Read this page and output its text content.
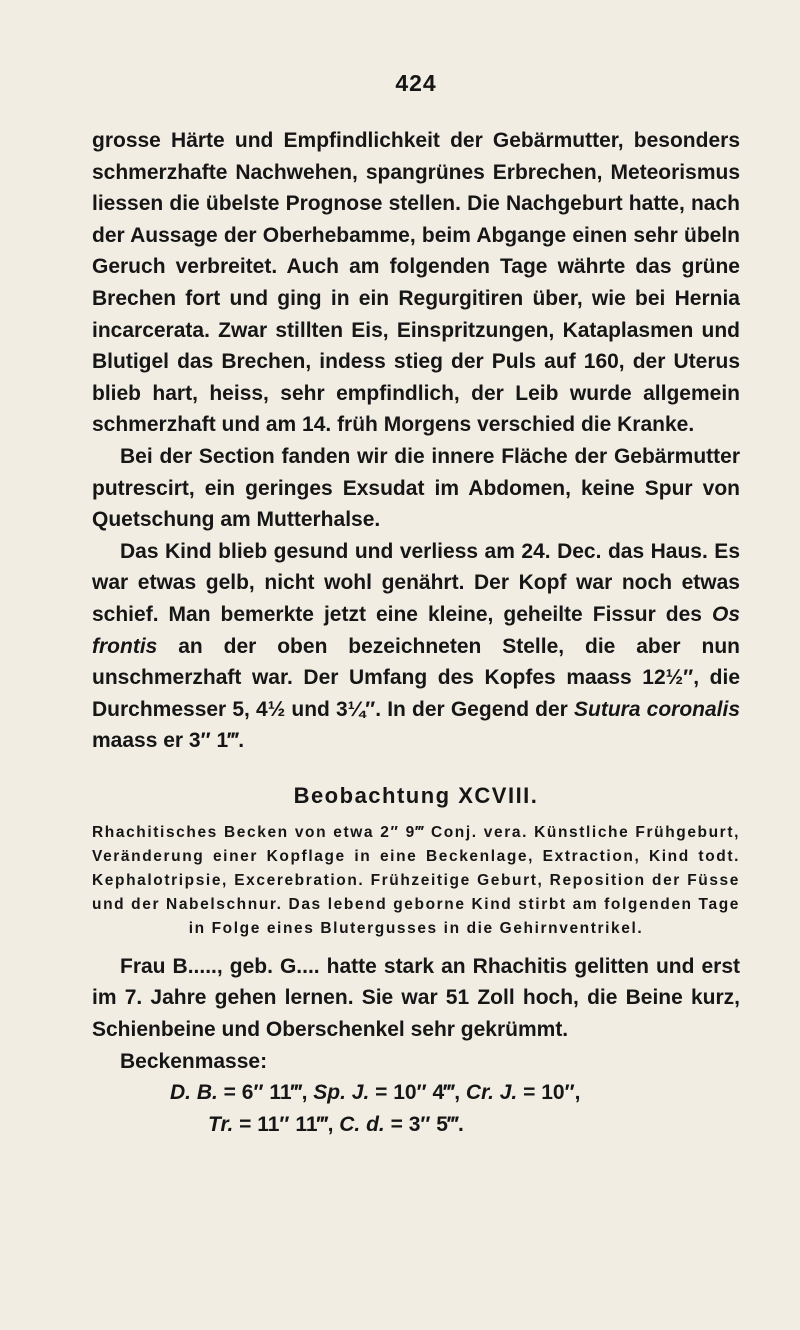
424

grosse Härte und Empfindlichkeit der Gebärmutter, besonders schmerzhafte Nachwehen, spangrünes Erbrechen, Meteorismus liessen die übelste Prognose stellen. Die Nachgeburt hatte, nach der Aussage der Oberhebamme, beim Abgange einen sehr übeln Geruch verbreitet. Auch am folgenden Tage währte das grüne Brechen fort und ging in ein Regurgitiren über, wie bei Hernia incarcerata. Zwar stillten Eis, Einspritzungen, Kataplasmen und Blutigel das Brechen, indess stieg der Puls auf 160, der Uterus blieb hart, heiss, sehr empfindlich, der Leib wurde allgemein schmerzhaft und am 14. früh Morgens verschied die Kranke.

Bei der Section fanden wir die innere Fläche der Gebärmutter putrescirt, ein geringes Exsudat im Abdomen, keine Spur von Quetschung am Mutterhalse.

Das Kind blieb gesund und verliess am 24. Dec. das Haus. Es war etwas gelb, nicht wohl genährt. Der Kopf war noch etwas schief. Man bemerkte jetzt eine kleine, geheilte Fissur des Os frontis an der oben bezeichneten Stelle, die aber nun unschmerzhaft war. Der Umfang des Kopfes maass 12½″, die Durchmesser 5, 4½ und 3¼″. In der Gegend der Sutura coronalis maass er 3″ 1‴.

Beobachtung XCVIII.

Rhachitisches Becken von etwa 2″ 9‴ Conj. vera. Künstliche Frühgeburt, Veränderung einer Kopflage in eine Beckenlage, Extraction, Kind todt. Kephalotripsie, Excerebration. Frühzeitige Geburt, Reposition der Füsse und der Nabelschnur. Das lebend geborne Kind stirbt am folgenden Tage in Folge eines Blutergusses in die Gehirnventrikel.

Frau B....., geb. G.... hatte stark an Rhachitis gelitten und erst im 7. Jahre gehen lernen. Sie war 51 Zoll hoch, die Beine kurz, Schienbeine und Oberschenkel sehr gekrümmt.

Beckenmasse:

D. B. = 6″ 11‴, Sp. J. = 10″ 4‴, Cr. J. = 10″,

Tr. = 11″ 11‴, C. d. = 3″ 5‴.
